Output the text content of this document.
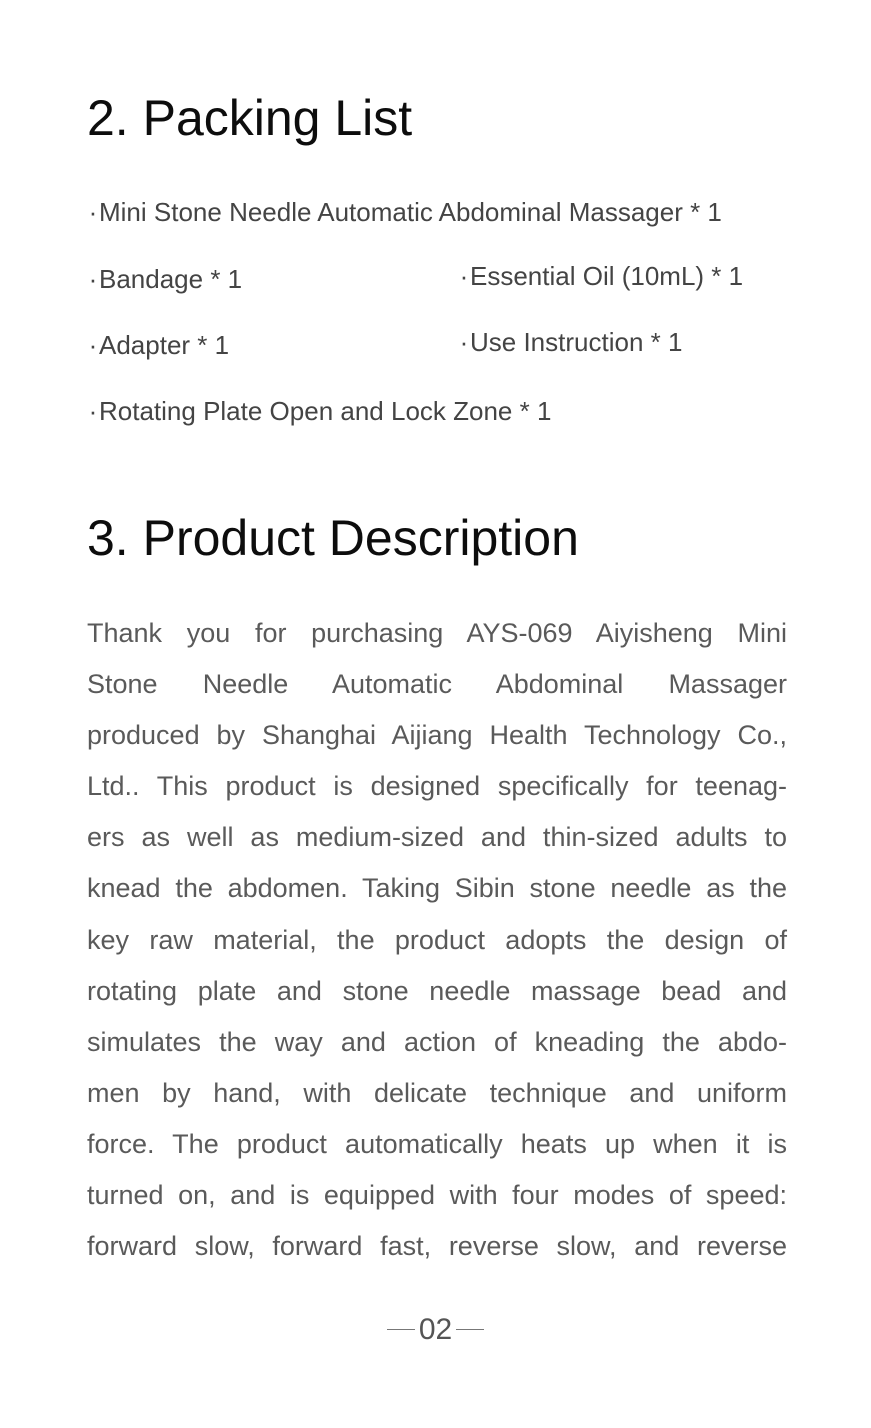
2. Packing List
·Mini Stone Needle Automatic Abdominal Massager * 1
·Bandage * 1	·Essential Oil (10mL) * 1
·Adapter * 1	·Use Instruction * 1
·Rotating Plate Open and Lock Zone * 1
3. Product Description

Thank you for purchasing AYS-069 Aiyisheng Mini
Stone Needle Automatic Abdominal Massager
produced by Shanghai Aijiang Health Technology Co.,
Ltd.. This product is designed specifically for teenag-
ers as well as medium-sized and thin-sized adults to
knead the abdomen. Taking Sibin stone needle as the
key raw material, the product adopts the design of
rotating plate and stone needle massage bead and
simulates the way and action of kneading the abdo-
men by hand, with delicate technique and uniform
force. The product automatically heats up when it is
turned on, and is equipped with four modes of speed:
forward slow, forward fast, reverse slow, and reverse

02
